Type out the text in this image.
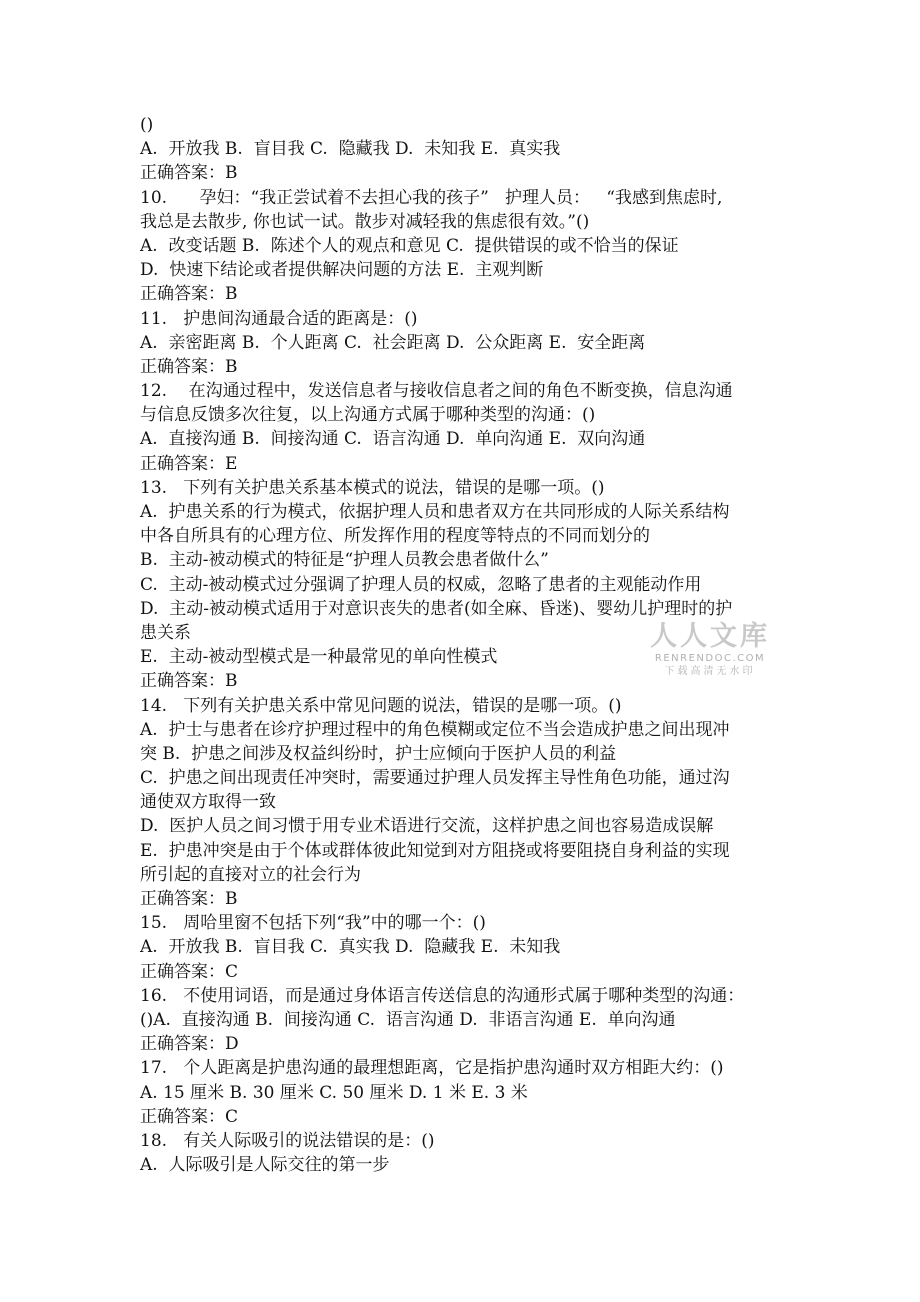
()

A.  开放我 B.  盲目我 C.  隐藏我 D.  未知我 E.  真实我

正确答案：B

10.      孕妇：“我正尝试着不去担心我的孩子”   护理人员：   “我感到焦虑时,

我总是去散步, 你也试一试。散步对减轻我的焦虑很有效。”()

A.  改变话题 B.  陈述个人的观点和意见 C.  提供错误的或不恰当的保证

D.  快速下结论或者提供解决问题的方法 E.  主观判断

正确答案：B

11.   护患间沟通最合适的距离是：()

A.  亲密距离 B.  个人距离 C.  社会距离 D.  公众距离 E.  安全距离

正确答案：B

12.    在沟通过程中，发送信息者与接收信息者之间的角色不断变换，信息沟通

与信息反馈多次往复，以上沟通方式属于哪种类型的沟通：()

A.  直接沟通 B.  间接沟通 C.  语言沟通 D.  单向沟通 E.  双向沟通

正确答案：E

13.   下列有关护患关系基本模式的说法，错误的是哪一项。()

A.  护患关系的行为模式，依据护理人员和患者双方在共同形成的人际关系结构

中各自所具有的心理方位、所发挥作用的程度等特点的不同而划分的

B.  主动-被动模式的特征是“护理人员教会患者做什么”

C.  主动-被动模式过分强调了护理人员的权威，忽略了患者的主观能动作用

D.  主动-被动模式适用于对意识丧失的患者(如全麻、昏迷)、婴幼儿护理时的护

患关系

E.  主动-被动型模式是一种最常见的单向性模式

正确答案：B

14.   下列有关护患关系中常见问题的说法，错误的是哪一项。()

A.  护士与患者在诊疗护理过程中的角色模糊或定位不当会造成护患之间出现冲

突 B.  护患之间涉及权益纠纷时，护士应倾向于医护人员的利益

C.  护患之间出现责任冲突时，需要通过护理人员发挥主导性角色功能，通过沟

通使双方取得一致

D.  医护人员之间习惯于用专业术语进行交流，这样护患之间也容易造成误解

E.  护患冲突是由于个体或群体彼此知觉到对方阻挠或将要阻挠自身利益的实现

所引起的直接对立的社会行为

正确答案：B

15.   周哈里窗不包括下列“我”中的哪一个：()

A.  开放我 B.  盲目我 C.  真实我 D.  隐藏我 E.  未知我

正确答案：C

16.   不使用词语，而是通过身体语言传送信息的沟通形式属于哪种类型的沟通：

()A.  直接沟通 B.  间接沟通 C.  语言沟通 D.  非语言沟通 E.  单向沟通

正确答案：D

17.   个人距离是护患沟通的最理想距离，它是指护患沟通时双方相距大约：()

A. 15 厘米 B. 30 厘米 C. 50 厘米 D. 1 米 E. 3 米

正确答案：C

18.   有关人际吸引的说法错误的是：()

A.  人际吸引是人际交往的第一步

人人文库
RENRENDOC.COM
下载高清无水印
